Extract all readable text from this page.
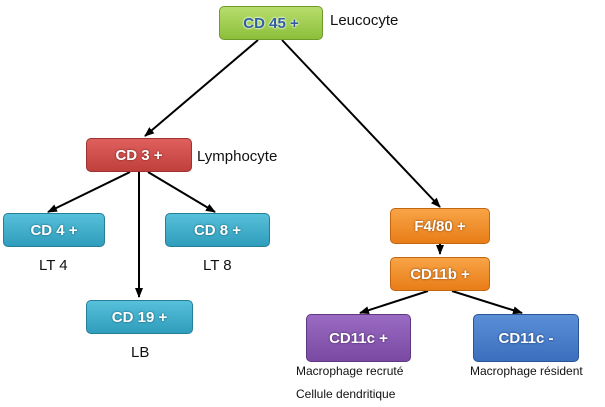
CD 45 +
CD 3 +
CD 4 +	CD 8 +
CD 19 +
F4/80 +
CD11b +
CD11c +	CD11c -
Leucocyte
Lymphocyte
LT 4	LT 8
LB
Macrophage recruté
Cellule dendritique
Macrophage résident
